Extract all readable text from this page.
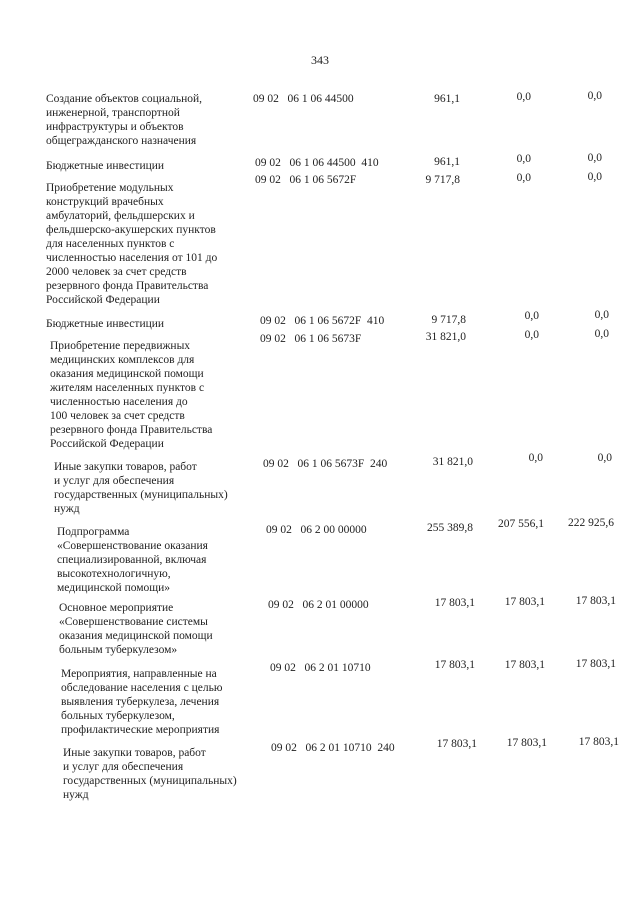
343
Создание объектов социальной,
инженерной, транспортной
инфраструктуры и объектов
общегражданского назначения
09 02   06 1 06 44500	961,1	0,0	0,0
Бюджетные инвестиции	09 02   06 1 06 44500  410	961,1	0,0	0,0
Приобретение модульных
конструкций врачебных
амбулаторий, фельдшерских и
фельдшерско-акушерских пунктов
для населенных пунктов с
численностью населения от 101 до
2000 человек за счет средств
резервного фонда Правительства
Российской Федерации
09 02   06 1 06 5672F	9 717,8	0,0	0,0
Бюджетные инвестиции	09 02   06 1 06 5672F  410	9 717,8	0,0	0,0
Приобретение передвижных
медицинских комплексов для
оказания медицинской помощи
жителям населенных пунктов с
численностью населения до
100 человек за счет средств
резервного фонда Правительства
Российской Федерации
09 02   06 1 06 5673F	31 821,0	0,0	0,0
Иные закупки товаров, работ
и услуг для обеспечения
государственных (муниципальных)
нужд
09 02   06 1 06 5673F  240	31 821,0	0,0	0,0
Подпрограмма
«Совершенствование оказания
специализированной, включая
высокотехнологичную,
медицинской помощи»
09 02   06 2 00 00000	255 389,8	207 556,1	222 925,6
Основное мероприятие
«Совершенствование системы
оказания медицинской помощи
больным туберкулезом»
09 02   06 2 01 00000	17 803,1	17 803,1	17 803,1
Мероприятия, направленные на
обследование населения с целью
выявления туберкулеза, лечения
больных туберкулезом,
профилактические мероприятия
09 02   06 2 01 10710	17 803,1	17 803,1	17 803,1
Иные закупки товаров, работ
и услуг для обеспечения
государственных (муниципальных)
нужд
09 02   06 2 01 10710  240	17 803,1	17 803,1	17 803,1
